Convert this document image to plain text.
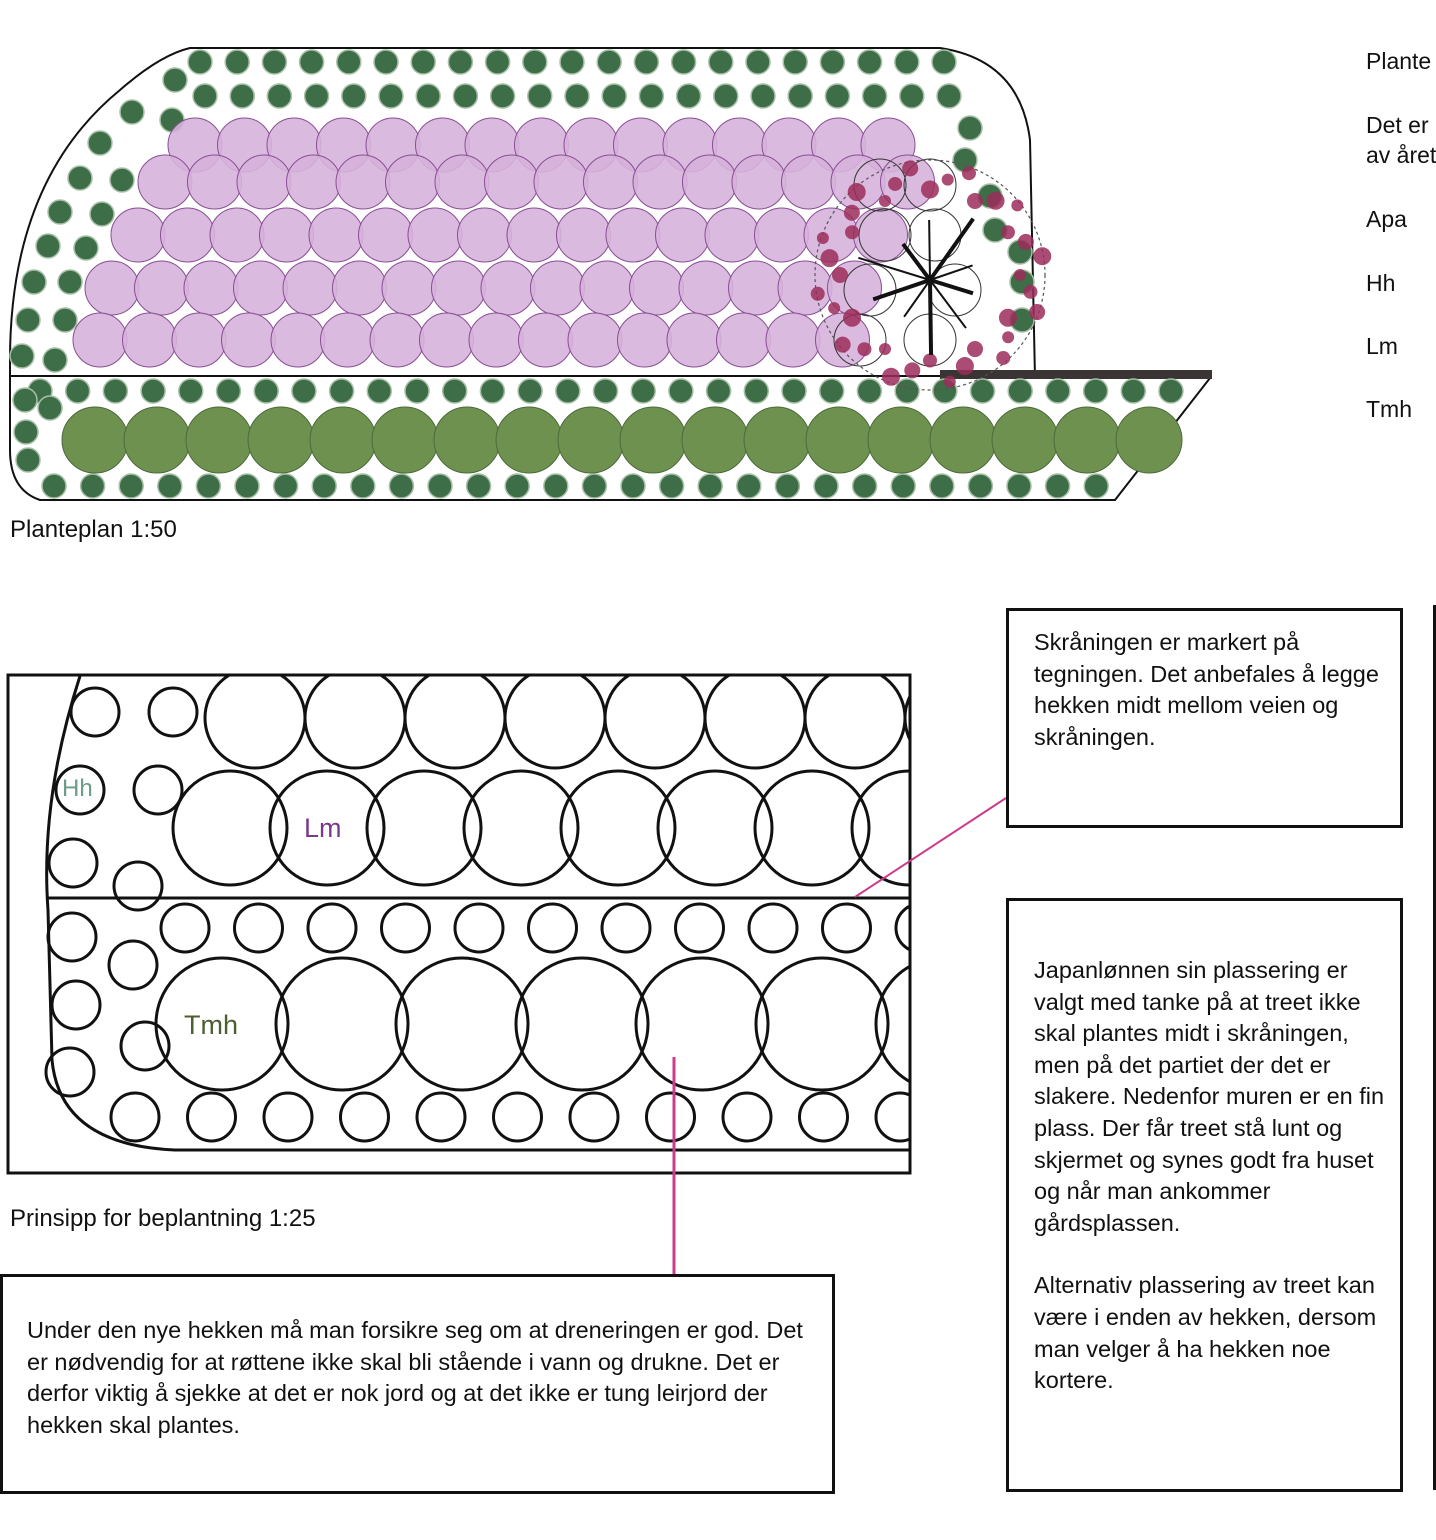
Planteplan 1:50
Plante
Det er
av året
Apa
Hh
Lm
Tmh
Hh
Lm
Tmh
Prinsipp for beplantning 1:25

Skråningen er markert på tegningen. Det anbefales å legge hekken midt mellom veien og skråningen.

Japanlønnen sin plassering er valgt med tanke på at treet ikke skal plantes midt i skråningen, men på det partiet der det er slakere. Nedenfor muren er en fin plass. Der får treet stå lunt og skjermet og synes godt fra huset og når man ankommer gårdsplassen.

Alternativ plassering av treet kan være i enden av hekken, dersom man velger å ha hekken noe kortere.

Under den nye hekken må man forsikre seg om at dreneringen er god. Det er nødvendig for at røttene ikke skal bli stående i vann og drukne. Det er derfor viktig å sjekke at det er nok jord og at det ikke er tung leirjord der hekken skal plantes.
